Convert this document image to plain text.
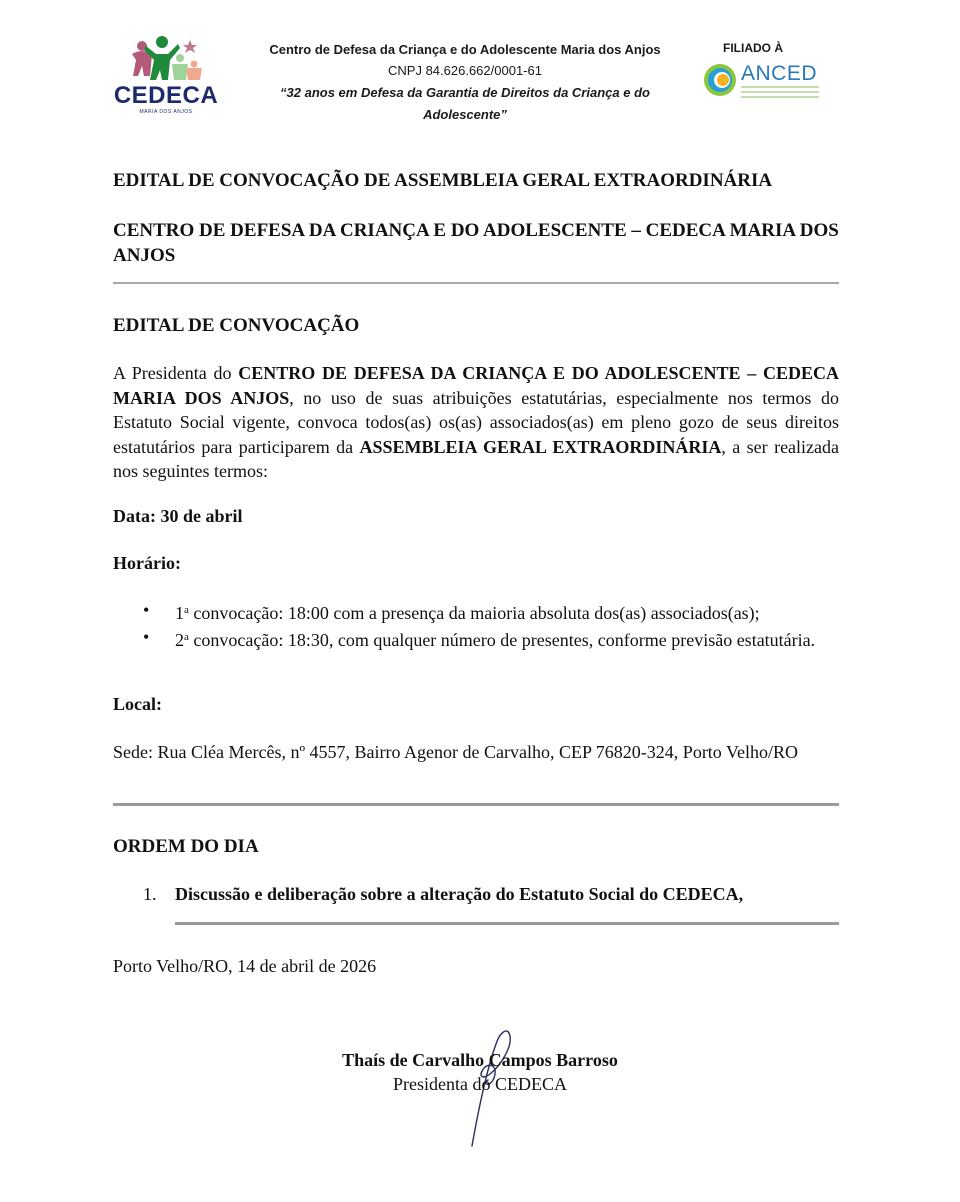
CEDECA
MARIA DOS ANJOS
Centro de Defesa da Criança e do Adolescente Maria dos Anjos
CNPJ 84.626.662/0001-61
“32 anos em Defesa da Garantia de Direitos da Criança e do Adolescente”
FILIADO À
ANCED
EDITAL DE CONVOCAÇÃO DE ASSEMBLEIA GERAL EXTRAORDINÁRIA
CENTRO DE DEFESA DA CRIANÇA E DO ADOLESCENTE – CEDECA MARIA DOS ANJOS
EDITAL DE CONVOCAÇÃO
A Presidenta do CENTRO DE DEFESA DA CRIANÇA E DO ADOLESCENTE – CEDECA MARIA DOS ANJOS, no uso de suas atribuições estatutárias, especialmente nos termos do Estatuto Social vigente, convoca todos(as) os(as) associados(as) em pleno gozo de seus direitos estatutários para participarem da ASSEMBLEIA GERAL EXTRAORDINÁRIA, a ser realizada nos seguintes termos:
Data: 30 de abril
Horário:
• 1$^a$ convocação: 18:00 com a presença da maioria absoluta dos(as) associados(as);
• 2$^a$ convocação: 18:30, com qualquer número de presentes, conforme previsão estatutária.
Local:
Sede: Rua Cléa Mercês, nº 4557, Bairro Agenor de Carvalho, CEP 76820-324, Porto Velho/RO
ORDEM DO DIA
1. Discussão e deliberação sobre a alteração do Estatuto Social do CEDECA,
Porto Velho/RO, 14 de abril de 2026
Thaís de Carvalho Campos Barroso
Presidenta do CEDECA
